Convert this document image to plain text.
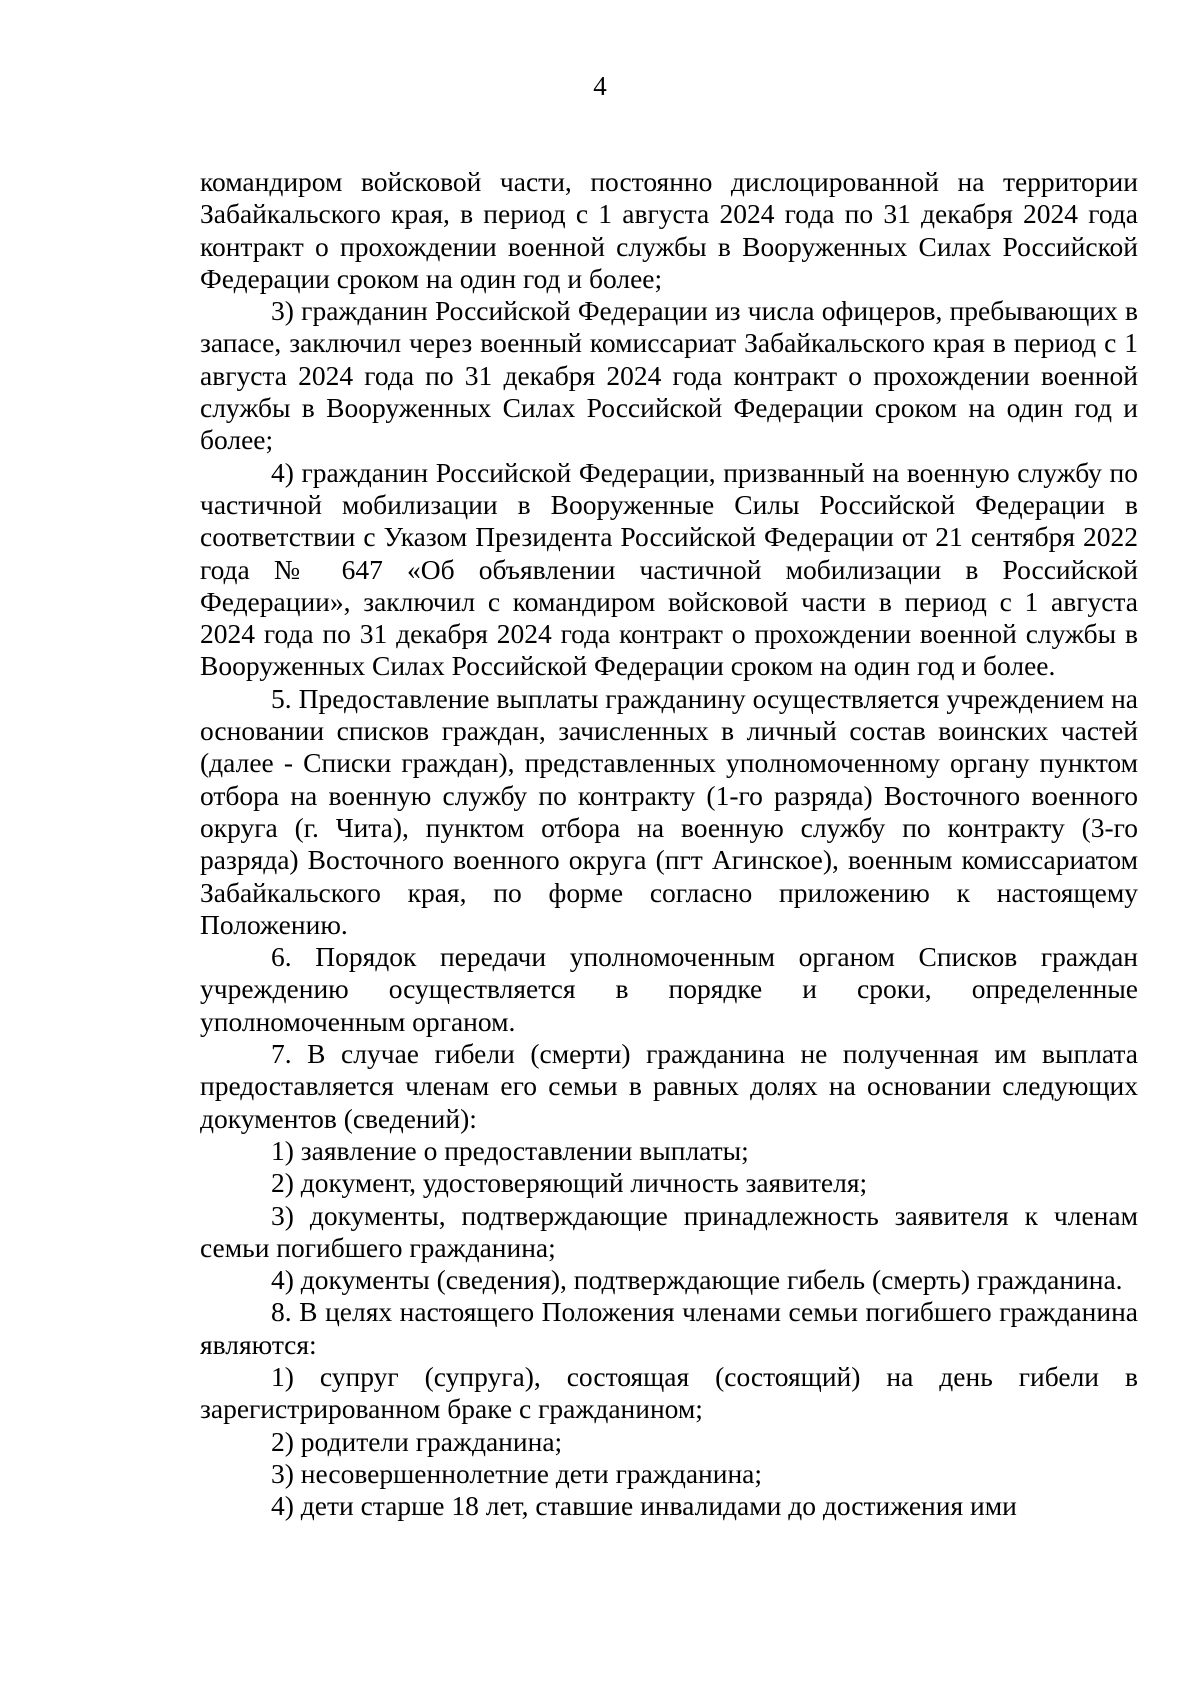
4

командиром войсковой части, постоянно дислоцированной на территории Забайкальского края, в период с 1 августа 2024 года по 31 декабря 2024 года контракт о прохождении военной службы в Вооруженных Силах Российской Федерации сроком на один год и более;

3) гражданин Российской Федерации из числа офицеров, пребывающих в запасе, заключил через военный комиссариат Забайкальского края в период с 1 августа 2024 года по 31 декабря 2024 года контракт о прохождении военной службы в Вооруженных Силах Российской Федерации сроком на один год и более;

4) гражданин Российской Федерации, призванный на военную службу по частичной мобилизации в Вооруженные Силы Российской Федерации в соответствии с Указом Президента Российской Федерации от 21 сентября 2022 года № 647 «Об объявлении частичной мобилизации в Российской Федерации», заключил с командиром войсковой части в период с 1 августа 2024 года по 31 декабря 2024 года контракт о прохождении военной службы в Вооруженных Силах Российской Федерации сроком на один год и более.

5. Предоставление выплаты гражданину осуществляется учреждением на основании списков граждан, зачисленных в личный состав воинских частей (далее - Списки граждан), представленных уполномоченному органу пунктом отбора на военную службу по контракту (1-го разряда) Восточного военного округа (г. Чита), пунктом отбора на военную службу по контракту (3-го разряда) Восточного военного округа (пгт Агинское), военным комиссариатом Забайкальского края, по форме согласно приложению к настоящему Положению.

6. Порядок передачи уполномоченным органом Списков граждан учреждению осуществляется в порядке и сроки, определенные уполномоченным органом.

7. В случае гибели (смерти) гражданина не полученная им выплата предоставляется членам его семьи в равных долях на основании следующих документов (сведений):

1) заявление о предоставлении выплаты;

2) документ, удостоверяющий личность заявителя;

3) документы, подтверждающие принадлежность заявителя к членам семьи погибшего гражданина;

4) документы (сведения), подтверждающие гибель (смерть) гражданина.

8. В целях настоящего Положения членами семьи погибшего гражданина являются:

1) супруг (супруга), состоящая (состоящий) на день гибели в зарегистрированном браке с гражданином;

2) родители гражданина;

3) несовершеннолетние дети гражданина;

4) дети старше 18 лет, ставшие инвалидами до достижения ими
